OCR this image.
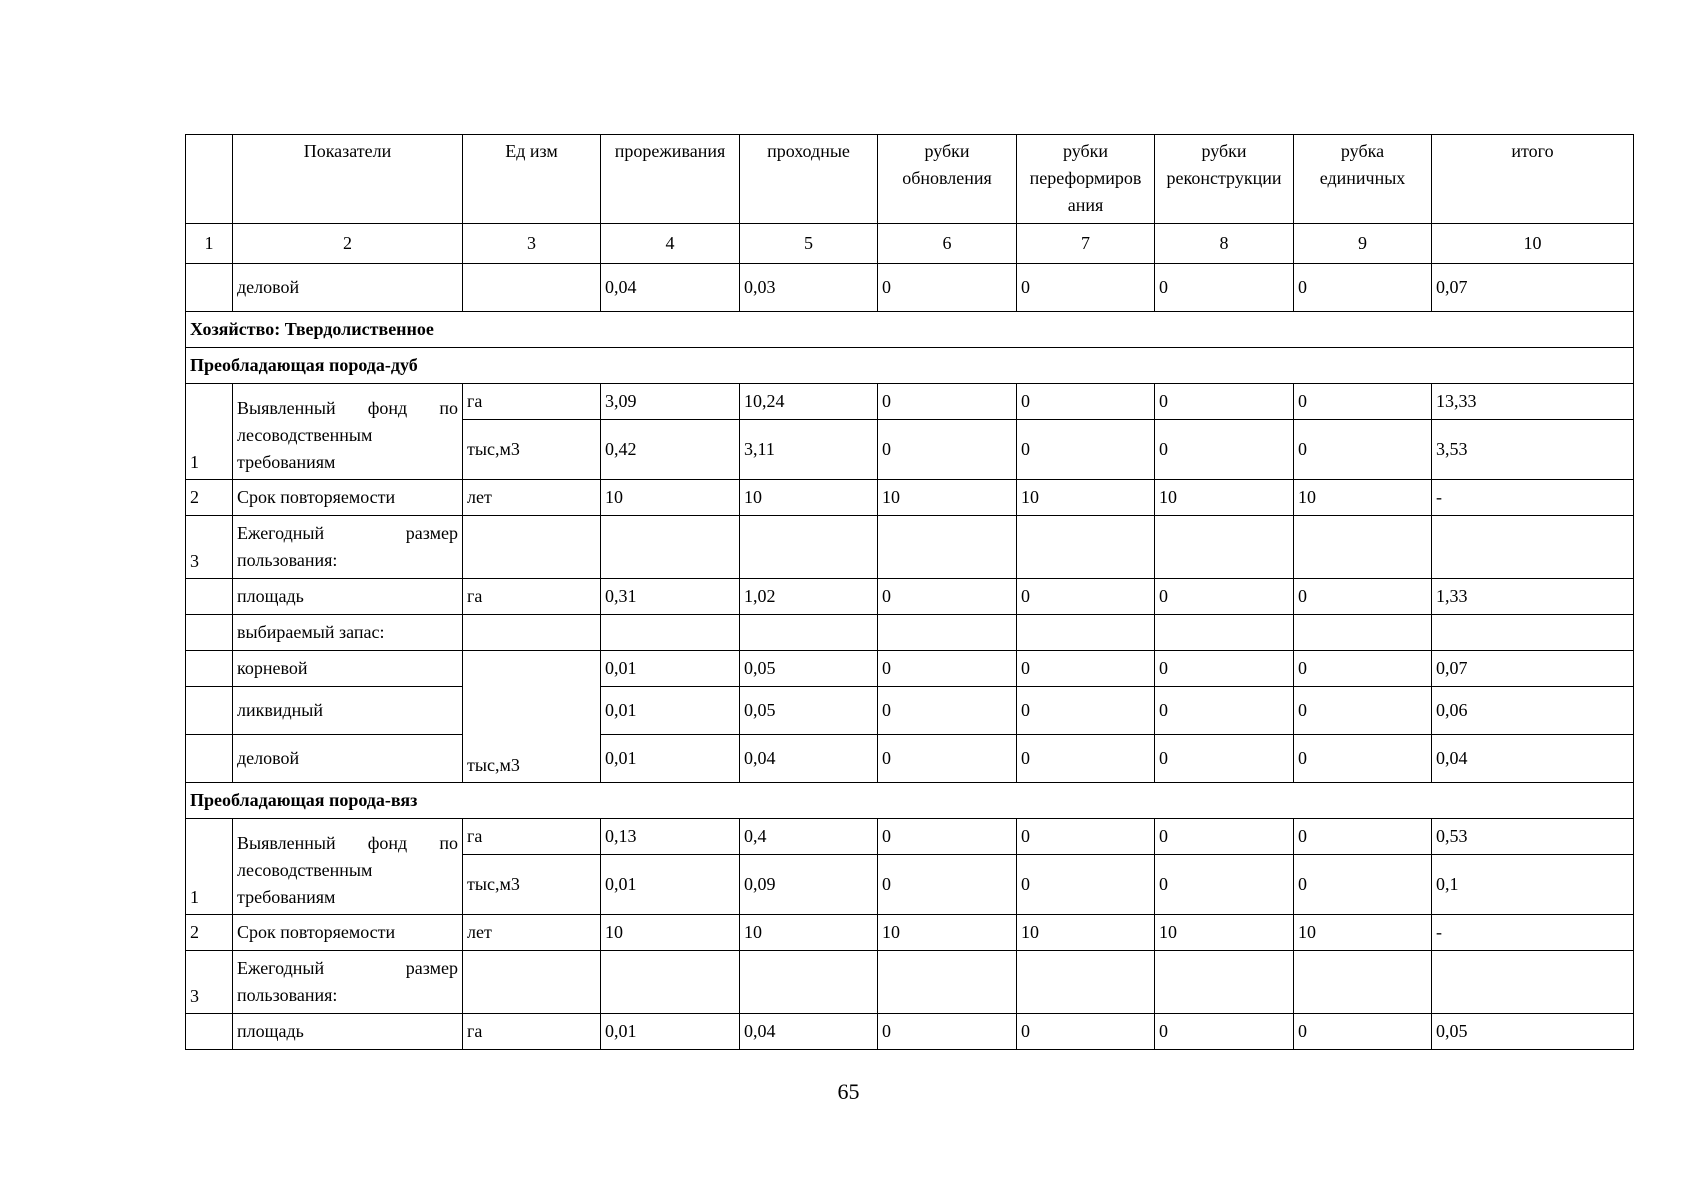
	Показатели	Ед изм	прореживания	проходные	рубки обновления	рубки переформиров ания	рубки реконструкции	рубка единичных	итого
1	2	3	4	5	6	7	8	9	10
	деловой		0,04	0,03	0	0	0	0	0,07
Хозяйство: Твердолиственное									
Преобладающая порода-дуб									
1	Выявленный фонд по лесоводственным требованиям	га	3,09	10,24	0	0	0	0	13,33
		тыс,м3	0,42	3,11	0	0	0	0	3,53
2	Срок повторяемости	лет	10	10	10	10	10	10	-
3	Ежегодный размер пользования:								
	площадь	га	0,31	1,02	0	0	0	0	1,33
	выбираемый запас:								
	корневой	тыс,м3	0,01	0,05	0	0	0	0	0,07
	ликвидный		0,01	0,05	0	0	0	0	0,06
	деловой		0,01	0,04	0	0	0	0	0,04
Преобладающая порода-вяз									
1	Выявленный фонд по лесоводственным требованиям	га	0,13	0,4	0	0	0	0	0,53
		тыс,м3	0,01	0,09	0	0	0	0	0,1
2	Срок повторяемости	лет	10	10	10	10	10	10	-
3	Ежегодный размер пользования:								
	площадь	га	0,01	0,04	0	0	0	0	0,05
65
